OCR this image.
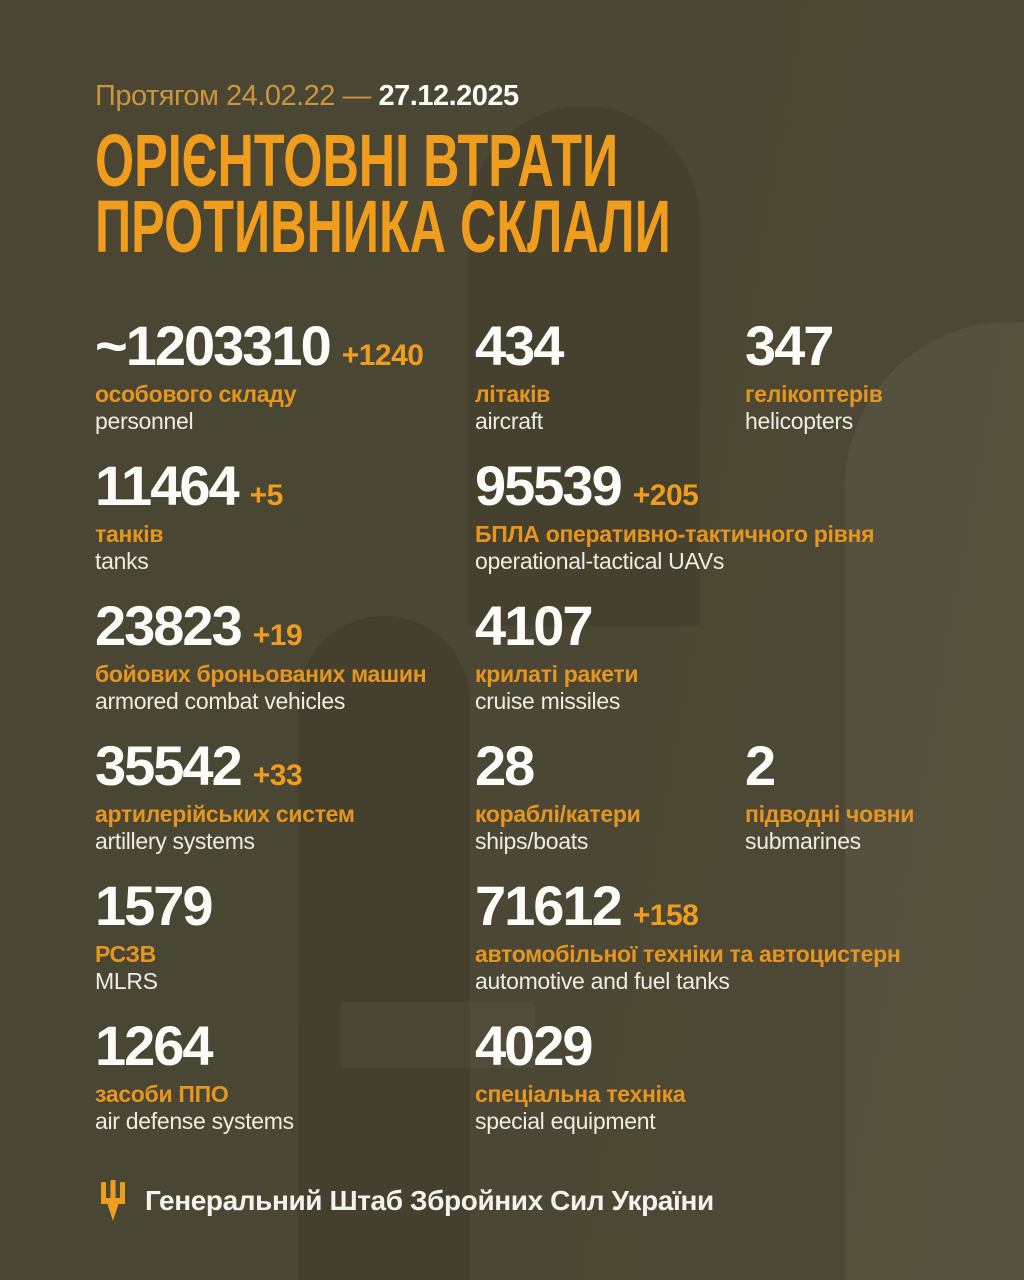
Протягом 24.02.22 — 27.12.2025
ОРІЄНТОВНІ ВТРАТИ
ПРОТИВНИКА СКЛАЛИ
~1203310 +1240
особового складу
personnel
434
літаків
aircraft
347
гелікоптерів
helicopters
11464 +5
танків
tanks
95539 +205
БПЛА оперативно-тактичного рівня
operational-tactical UAVs
23823 +19
бойових броньованих машин
armored combat vehicles
4107
крилаті ракети
cruise missiles
35542 +33
артилерійських систем
artillery systems
28
кораблі/катери
ships/boats
2
підводні човни
submarines
1579
РСЗВ
MLRS
71612 +158
автомобільної техніки та автоцистерн
automotive and fuel tanks
1264
засоби ППО
air defense systems
4029
спеціальна техніка
special equipment
Генеральний Штаб Збройних Сил України
